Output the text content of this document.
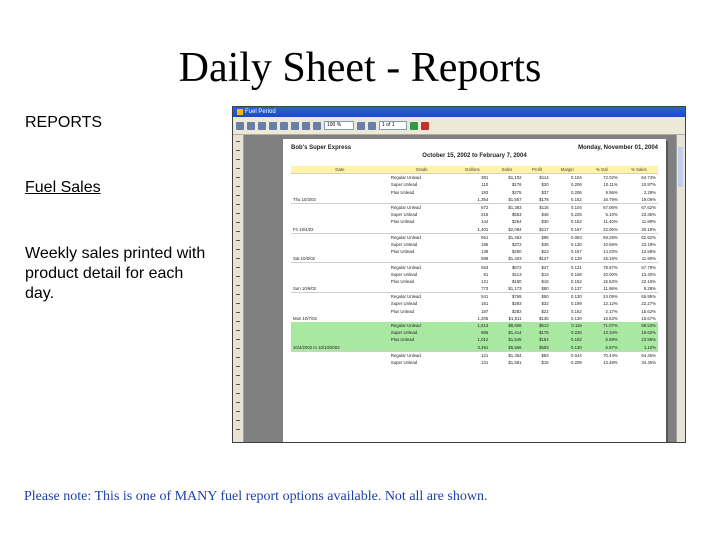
Daily Sheet - Reports
REPORTS
Fuel Sales
Weekly sales printed with product detail for each day.
Fuel Period
100 %	1 of 1
Bob's Super Express	Monday, November 01, 2004
October 15, 2002 to February 7, 2004
Date	Grade	Gallons	Sales	Profit	Margin	% Gal	% Sales
	Regular Unlead	381	$1,102	$114	0.104	72.02%	64.74%
	Super Unlead	110	$176	$20	0.206	10.11%	10.87%
	Plus Unlead	183	$275	$37	0.206	9.96%	2.29%
Thu 10/3/02		1,364	$1,557	$178	0.162	16.79%	19.06%
	Regular Unlead	672	$1,383	$116	0.104	67.06%	67.62%
	Super Unlead	215	$553	$48	0.225	5.10%	23.36%
	Plus Unlead	144	$264	$30	0.152	11.40%	11.89%
Fri 10/4/02		1,401	$2,084	$217	0.167	22.06%	20.19%
	Regular Unlead	661	$1,463	$95	0.083	69.29%	62.52%
	Super Unlead	195	$372	$36	0.130	10.69%	23.19%
	Plus Unlead	138	$260	$23	0.167	14.03%	13.58%
Sat 10/5/02		598	$1,403	$127	0.129	15.19%	11.90%
	Regular Unlead	563	$672	$47	0.131	78.87%	57.79%
	Super Unlead	91	$113	$13	0.168	10.00%	13.40%
	Plus Unlead	121	$180	$16	0.152	15.53%	22.16%
Sun 10/6/02		773	$1,173	$80	0.137	11.96%	8.28%
	Regular Unlead	541	$769	$50	0.130	24.09%	65.95%
	Super Unlead	161	$293	$32	0.199	12.12%	22.27%
	Plus Unlead	187	$282	$22	0.162	2.17%	15.62%
Mon 10/7/02		1,205	$1,511	$135	0.130	15.53%	15.67%
	Regular Unlead	1,613	$8,606	$513	0.116	71.07%	59.53%
	Super Unlead	866	$1,414	$176	0.226	13.34%	19.62%
	Plus Unlead	1,012	$1,545	$154	0.152	5.59%	23.55%
10/4/2002 to 10/10/2002		3,491	$5,566	$593	0.130	6.87%	1.10%
	Regular Unlead	121	$1,364	$83	0.044	70.44%	64.45%
	Super Unlead	131	$1,581	$15	0.209	13.48%	34.45%
Please note: This is one of MANY fuel report options available. Not all are shown.
